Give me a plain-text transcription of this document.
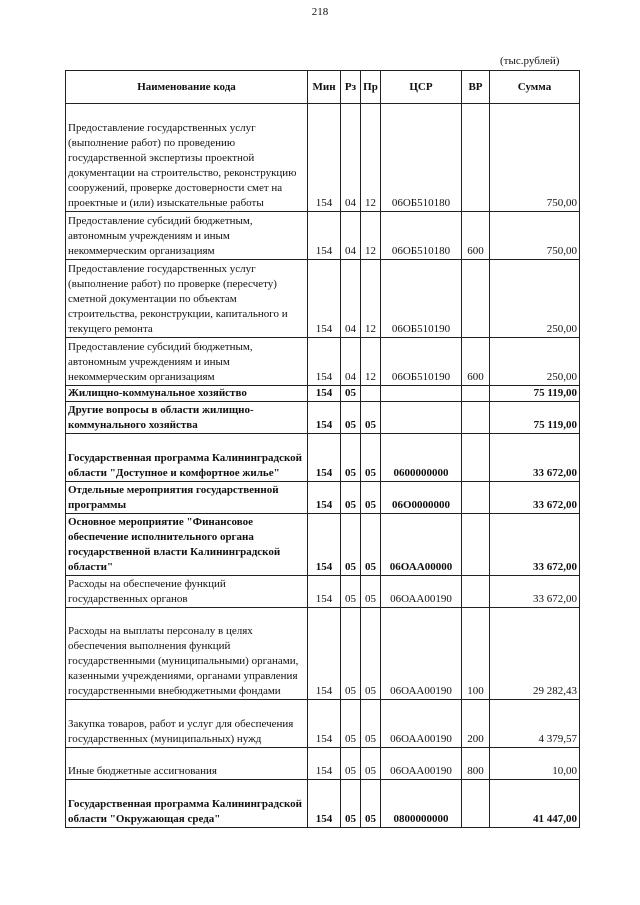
218
(тыс.рублей)
Наименование кода	Мин	Рз	Пр	ЦСР	ВР	Сумма
Предоставление государственных услуг (выполнение работ) по проведению государственной экспертизы проектной документации на строительство, реконструкцию сооружений, проверке достоверности смет на проектные и (или) изыскательные работы	154	04	12	06ОБ510180		750,00
Предоставление субсидий бюджетным, автономным учреждениям и иным некоммерческим организациям	154	04	12	06ОБ510180	600	750,00
Предоставление государственных услуг (выполнение работ) по проверке (пересчету) сметной документации по объектам строительства, реконструкции, капитального и текущего ремонта	154	04	12	06ОБ510190		250,00
Предоставление субсидий бюджетным, автономным учреждениям и иным некоммерческим организациям	154	04	12	06ОБ510190	600	250,00
Жилищно-коммунальное хозяйство	154	05				75 119,00
Другие вопросы в области жилищно-коммунального хозяйства	154	05	05			75 119,00
Государственная программа Калининградской области "Доступное и комфортное жилье"	154	05	05	0600000000		33 672,00
Отдельные мероприятия государственной программы	154	05	05	06О0000000		33 672,00
Основное мероприятие "Финансовое обеспечение исполнительного органа государственной власти Калининградской области"	154	05	05	06ОАА00000		33 672,00
Расходы на обеспечение функций государственных органов	154	05	05	06ОАА00190		33 672,00
Расходы на выплаты персоналу в целях обеспечения выполнения функций государственными (муниципальными) органами, казенными учреждениями, органами управления государственными внебюджетными фондами	154	05	05	06ОАА00190	100	29 282,43
Закупка товаров, работ и услуг для обеспечения государственных (муниципальных) нужд	154	05	05	06ОАА00190	200	4 379,57
Иные бюджетные ассигнования	154	05	05	06ОАА00190	800	10,00
Государственная программа Калининградской области "Окружающая среда"	154	05	05	0800000000		41 447,00
